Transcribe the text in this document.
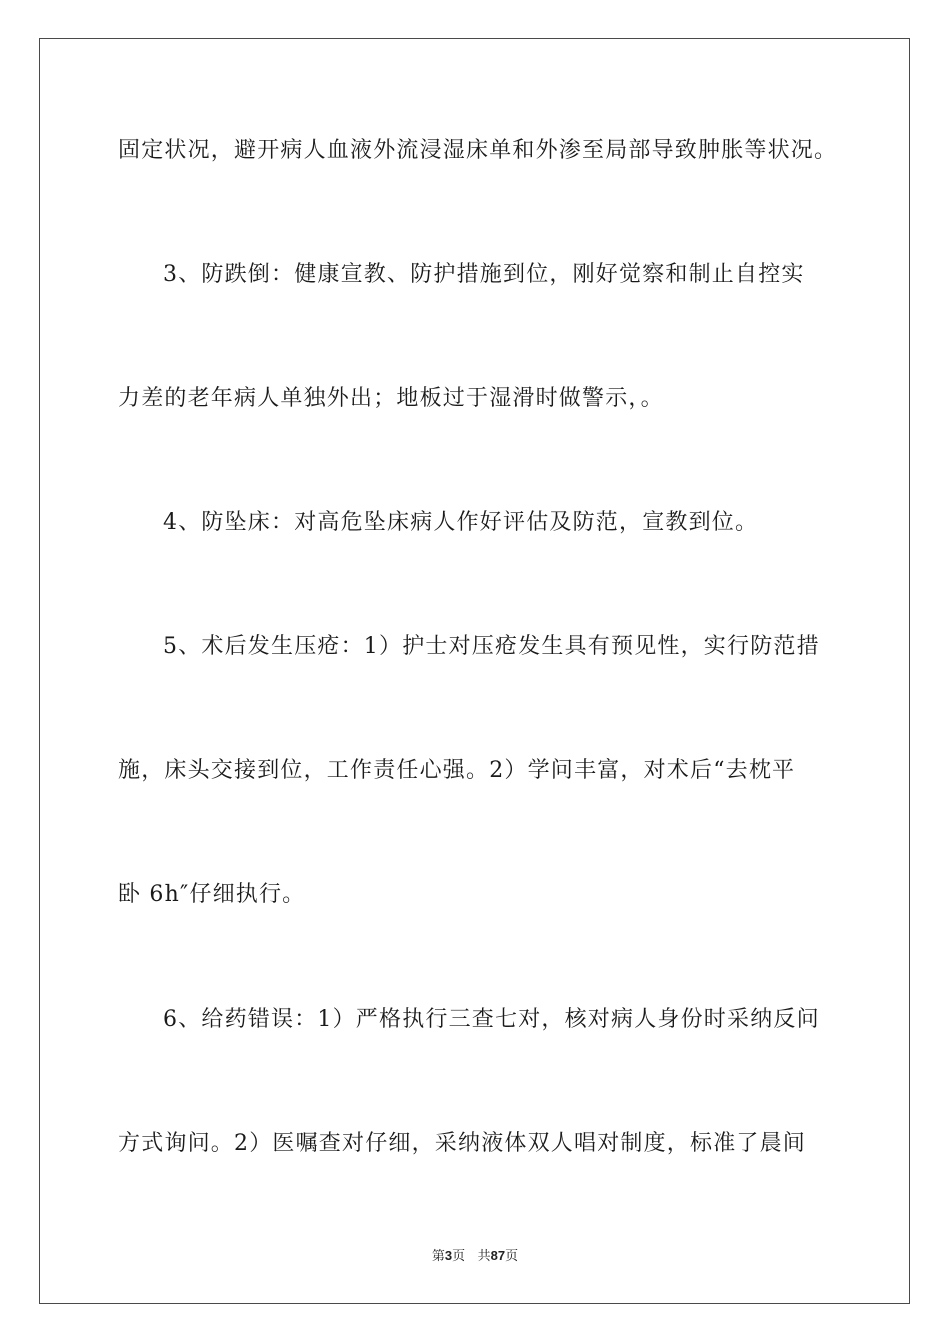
固定状况，避开病人血液外流浸湿床单和外渗至局部导致肿胀等状况。
3、防跌倒：健康宣教、防护措施到位，刚好觉察和制止自控实
力差的老年病人单独外出；地板过于湿滑时做警示，。
4、防坠床：对高危坠床病人作好评估及防范，宣教到位。
5、术后发生压疮：1）护士对压疮发生具有预见性，实行防范措
施，床头交接到位，工作责任心强。2）学问丰富，对术后“去枕平
卧 6h″仔细执行。
6、给药错误：1）严格执行三查七对，核对病人身份时采纳反问
方式询问。2）医嘱查对仔细，采纳液体双人唱对制度，标准了晨间
第3页 共87页
